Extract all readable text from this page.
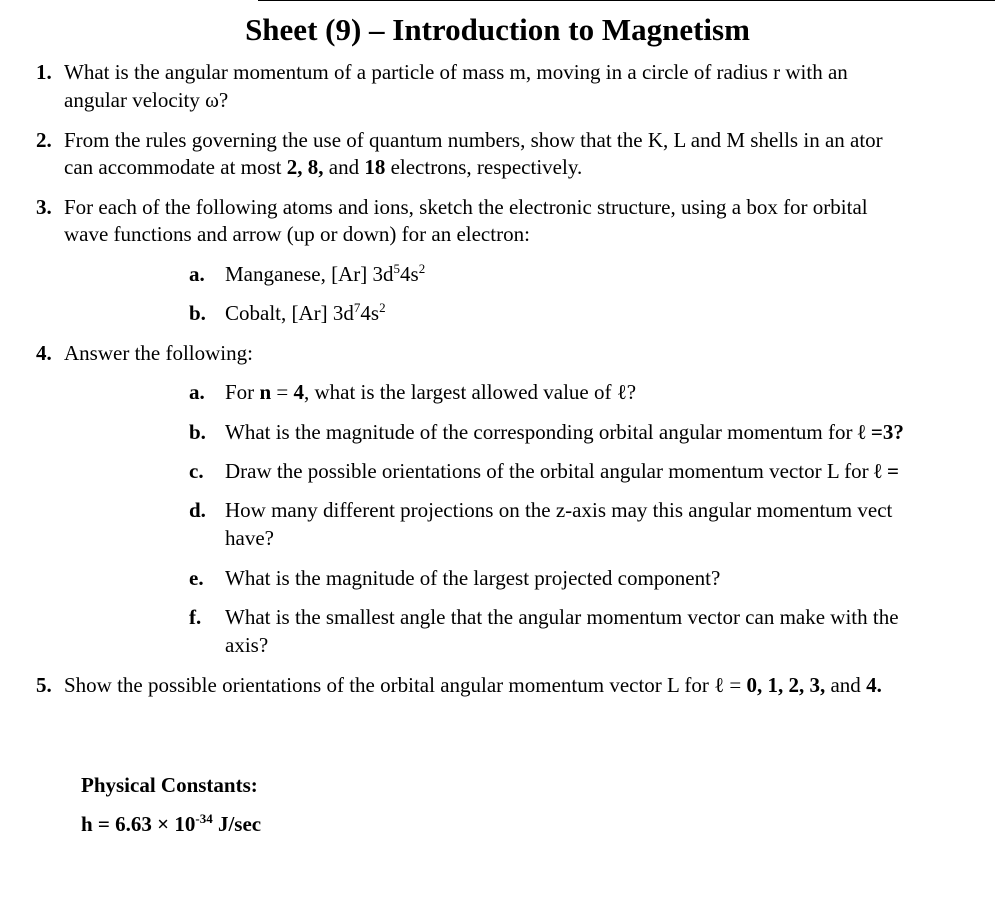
Sheet (9) – Introduction to Magnetism
1. What is the angular momentum of a particle of mass m, moving in a circle of radius r with an
angular velocity ω?
2. From the rules governing the use of quantum numbers, show that the K, L and M shells in an ator
can accommodate at most 2, 8, and 18 electrons, respectively.
3. For each of the following atoms and ions, sketch the electronic structure, using a box for orbital
wave functions and arrow (up or down) for an electron:
a. Manganese, [Ar] $3d^54s^2$
b. Cobalt, [Ar] $3d^74s^2$
4. Answer the following:
a. For n = 4, what is the largest allowed value of ℓ?
b. What is the magnitude of the corresponding orbital angular momentum for ℓ =3?
c. Draw the possible orientations of the orbital angular momentum vector L for ℓ =
d. How many different projections on the z-axis may this angular momentum vect
have?
e. What is the magnitude of the largest projected component?
f. What is the smallest angle that the angular momentum vector can make with the
axis?
5. Show the possible orientations of the orbital angular momentum vector L for ℓ = 0, 1, 2, 3, and 4.
Physical Constants:
$h = 6.63 \times 10^{-34}$ J/sec
